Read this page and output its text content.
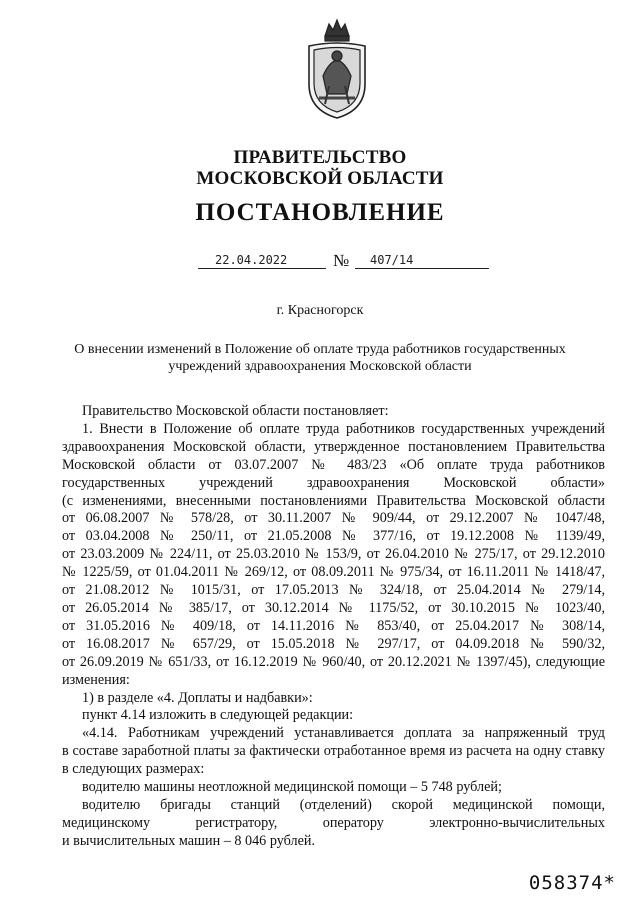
ПРАВИТЕЛЬСТВО
МОСКОВСКОЙ ОБЛАСТИ
ПОСТАНОВЛЕНИЕ
22.04.2022	№ 407/14
г. Красногорск
О внесении изменений в Положение об оплате труда работников государственных
учреждений здравоохранения Московской области

Правительство Московской области постановляет:

1. Внести в Положение об оплате труда работников государственных учреждений

здравоохранения Московской области, утвержденное постановлением Правительства

Московской области от 03.07.2007 № 483/23 «Об оплате труда работников

государственных учреждений здравоохранения Московской области»

(с изменениями, внесенными постановлениями Правительства Московской области

от 06.08.2007 № 578/28, от 30.11.2007 № 909/44, от 29.12.2007 № 1047/48,

от 03.04.2008 № 250/11, от 21.05.2008 № 377/16, от 19.12.2008 № 1139/49,

от 23.03.2009 № 224/11, от 25.03.2010 № 153/9, от 26.04.2010 № 275/17, от 29.12.2010

№ 1225/59, от 01.04.2011 № 269/12, от 08.09.2011 № 975/34, от 16.11.2011 № 1418/47,

от 21.08.2012 № 1015/31, от 17.05.2013 № 324/18, от 25.04.2014 № 279/14,

от 26.05.2014 № 385/17, от 30.12.2014 № 1175/52, от 30.10.2015 № 1023/40,

от 31.05.2016 № 409/18, от 14.11.2016 № 853/40, от 25.04.2017 № 308/14,

от 16.08.2017 № 657/29, от 15.05.2018 № 297/17, от 04.09.2018 № 590/32,

от 26.09.2019 № 651/33, от 16.12.2019 № 960/40, от 20.12.2021 № 1397/45), следующие

изменения:

1) в разделе «4. Доплаты и надбавки»:

пункт 4.14 изложить в следующей редакции:

«4.14. Работникам учреждений устанавливается доплата за напряженный труд

в составе заработной платы за фактически отработанное время из расчета на одну ставку

в следующих размерах:

водителю машины неотложной медицинской помощи – 5 748 рублей;

водителю бригады станций (отделений) скорой медицинской помощи,

медицинскому регистратору, оператору электронно-вычислительных

и вычислительных машин – 8 046 рублей.

058374*
